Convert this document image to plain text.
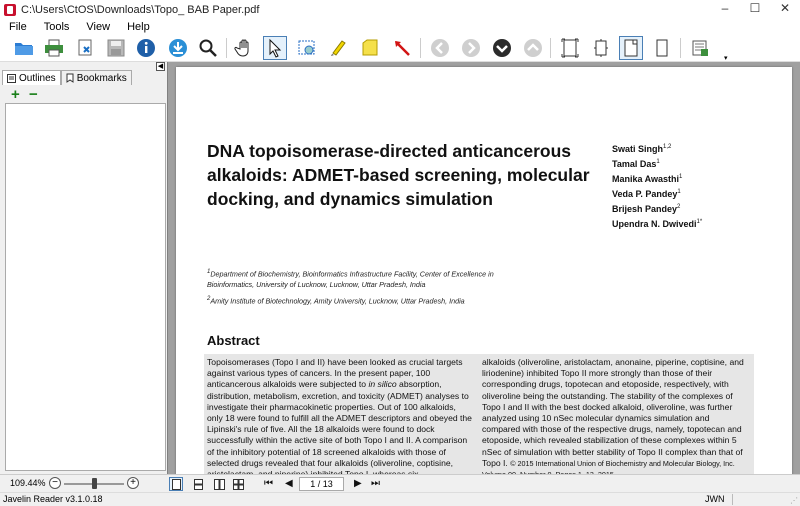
C:\Users\CtOS\Downloads\Topo_ BAB Paper.pdf	–	☐	✕
File	Tools	View	Help
▾
◀
Outlines Bookmarks
+ −
DNA topoisomerase-directed anticancerous alkaloids: ADMET-based screening, molecular docking, and dynamics simulation
Swati Singh$^{1,2}$
Tamal Das$^1$
Manika Awasthi$^1$
Veda P. Pandey$^1$
Brijesh Pandey$^2$
Upendra N. Dwivedi$^{1*}$

$^1$Department of Biochemistry, Bioinformatics Infrastructure Facility, Center of Excellence in Bioinformatics, University of Lucknow, Lucknow, Uttar Pradesh, India

$^2$Amity Institute of Biotechnology, Amity University, Lucknow, Uttar Pradesh, India

Abstract
Topoisomerases (Topo I and II) have been looked as crucial targets against various types of cancers. In the present paper, 100 anticancerous alkaloids were subjected to in silico absorption, distribution, metabolism, excretion, and toxicity (ADMET) analyses to investigate their pharmacokinetic properties. Out of 100 alkaloids, only 18 were found to fulfill all the ADMET descriptors and obeyed the Lipinski's rule of five. All the 18 alkaloids were found to dock successfully within the active site of both Topo I and II. A comparison of the inhibitory potential of 18 screened alkaloids with those of selected drugs revealed that four alkaloids (oliveroline, coptisine,
alkaloids (oliveroline, aristolactam, anonaine, piperine, coptisine, and liriodenine) inhibited Topo II more strongly than those of their corresponding drugs, topotecan and etoposide, respectively, with oliveroline being the outstanding. The stability of the complexes of Topo I and II with the best docked alkaloid, oliveroline, was further analyzed using 10 nSec molecular dynamics simulation and compared with those of the respective drugs, namely, topotecan and etoposide, which revealed stabilization of these complexes within 5 nSec of simulation with better stability of Topo II complex than that of Topo I. © 2015 International Union of Biochemistry and Molecular Biology, Inc.
109.44% −	+	⏮ ◀	1 / 13	▶ ⏭
Javelin Reader v3.1.0.18	JWN	⋰
